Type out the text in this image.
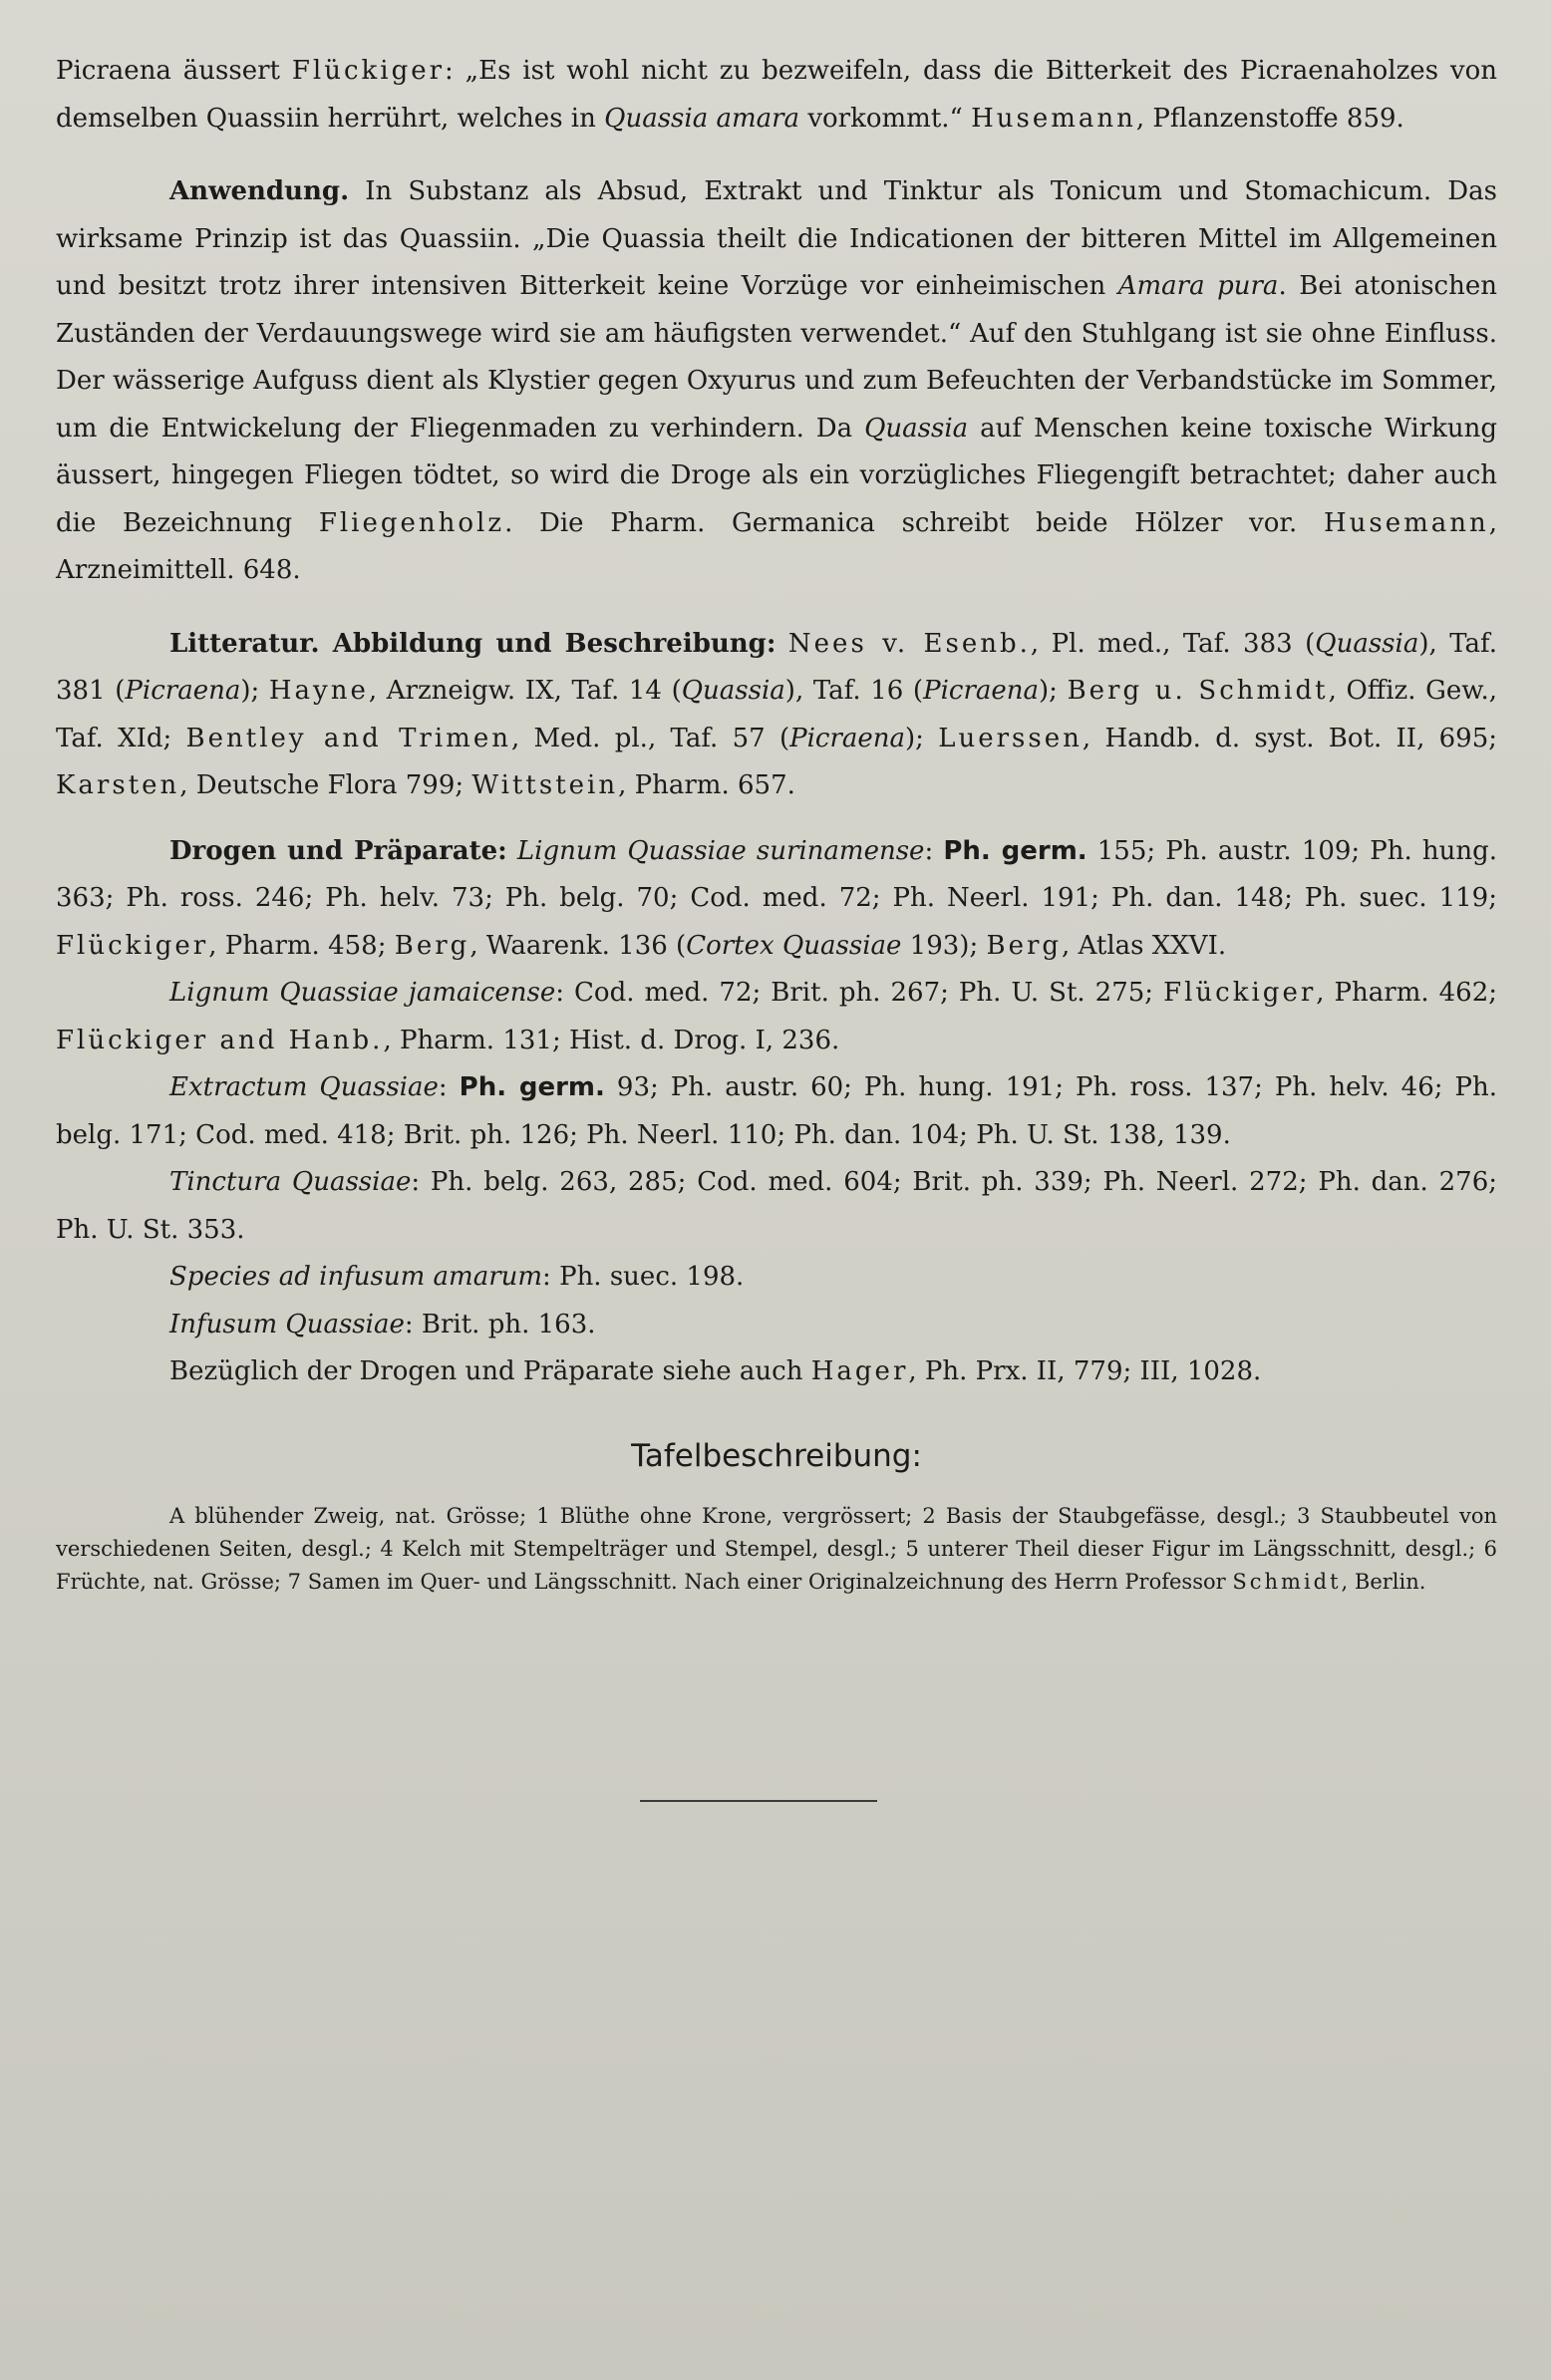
Picraena äussert Flückiger: „Es ist wohl nicht zu bezweifeln, dass die Bitterkeit des Picraenaholzes von demselben Quassiin herrührt, welches in Quassia amara vorkommt.“ Husemann, Pflanzenstoffe 859.

Anwendung. In Substanz als Absud, Extrakt und Tinktur als Tonicum und Stomachicum. Das wirksame Prinzip ist das Quassiin. „Die Quassia theilt die Indicationen der bitteren Mittel im Allgemeinen und besitzt trotz ihrer intensiven Bitterkeit keine Vorzüge vor einheimischen Amara pura. Bei atonischen Zuständen der Verdauungswege wird sie am häufigsten verwendet.“ Auf den Stuhlgang ist sie ohne Einfluss. Der wässerige Aufguss dient als Klystier gegen Oxyurus und zum Befeuchten der Verbandstücke im Sommer, um die Entwickelung der Fliegenmaden zu verhindern. Da Quassia auf Menschen keine toxische Wirkung äussert, hingegen Fliegen tödtet, so wird die Droge als ein vorzügliches Fliegengift betrachtet; daher auch die Bezeichnung Fliegenholz. Die Pharm. Germanica schreibt beide Hölzer vor. Husemann, Arzneimittell. 648.

Litteratur. Abbildung und Beschreibung: Nees v. Esenb., Pl. med., Taf. 383 (Quassia), Taf. 381 (Picraena); Hayne, Arzneigw. IX, Taf. 14 (Quassia), Taf. 16 (Picraena); Berg u. Schmidt, Offiz. Gew., Taf. XId; Bentley and Trimen, Med. pl., Taf. 57 (Picraena); Luerssen, Handb. d. syst. Bot. II, 695; Karsten, Deutsche Flora 799; Wittstein, Pharm. 657.

Drogen und Präparate: Lignum Quassiae surinamense: Ph. germ. 155; Ph. austr. 109; Ph. hung. 363; Ph. ross. 246; Ph. helv. 73; Ph. belg. 70; Cod. med. 72; Ph. Neerl. 191; Ph. dan. 148; Ph. suec. 119; Flückiger, Pharm. 458; Berg, Waarenk. 136 (Cortex Quassiae 193); Berg, Atlas XXVI.

Lignum Quassiae jamaicense: Cod. med. 72; Brit. ph. 267; Ph. U. St. 275; Flückiger, Pharm. 462; Flückiger and Hanb., Pharm. 131; Hist. d. Drog. I, 236.

Extractum Quassiae: Ph. germ. 93; Ph. austr. 60; Ph. hung. 191; Ph. ross. 137; Ph. helv. 46; Ph. belg. 171; Cod. med. 418; Brit. ph. 126; Ph. Neerl. 110; Ph. dan. 104; Ph. U. St. 138, 139.

Tinctura Quassiae: Ph. belg. 263, 285; Cod. med. 604; Brit. ph. 339; Ph. Neerl. 272; Ph. dan. 276; Ph. U. St. 353.

Species ad infusum amarum: Ph. suec. 198.

Infusum Quassiae: Brit. ph. 163.

Bezüglich der Drogen und Präparate siehe auch Hager, Ph. Prx. II, 779; III, 1028.

Tafelbeschreibung:

A blühender Zweig, nat. Grösse; 1 Blüthe ohne Krone, vergrössert; 2 Basis der Staubgefässe, desgl.; 3 Staubbeutel von verschiedenen Seiten, desgl.; 4 Kelch mit Stempelträger und Stempel, desgl.; 5 unterer Theil dieser Figur im Längsschnitt, desgl.; 6 Früchte, nat. Grösse; 7 Samen im Quer- und Längsschnitt. Nach einer Originalzeichnung des Herrn Professor Schmidt, Berlin.
